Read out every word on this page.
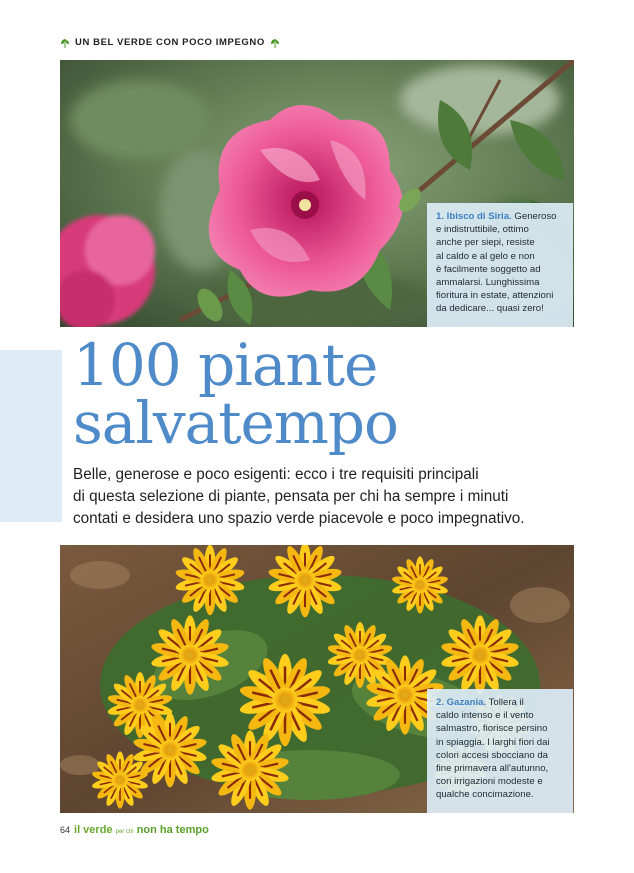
UN BEL VERDE CON POCO IMPEGNO
1. Ibisco di Siria. Generoso
e indistruttibile, ottimo
anche per siepi, resiste
al caldo e al gelo e non
è facilmente soggetto ad
ammalarsi. Lunghissima
fioritura in estate, attenzioni
da dedicare... quasi zero!
100 piante
salvatempo
Belle, generose e poco esigenti: ecco i tre requisiti principali
di questa selezione di piante, pensata per chi ha sempre i minuti
contati e desidera uno spazio verde piacevole e poco impegnativo.
2. Gazania. Tollera il
caldo intenso e il vento
salmastro, fiorisce persino
in spiaggia. I larghi fiori dai
colori accesi sbocciano da
fine primavera all'autunno,
con irrigazioni modeste e
qualche concimazione.
64 il verde per chi non ha tempo
